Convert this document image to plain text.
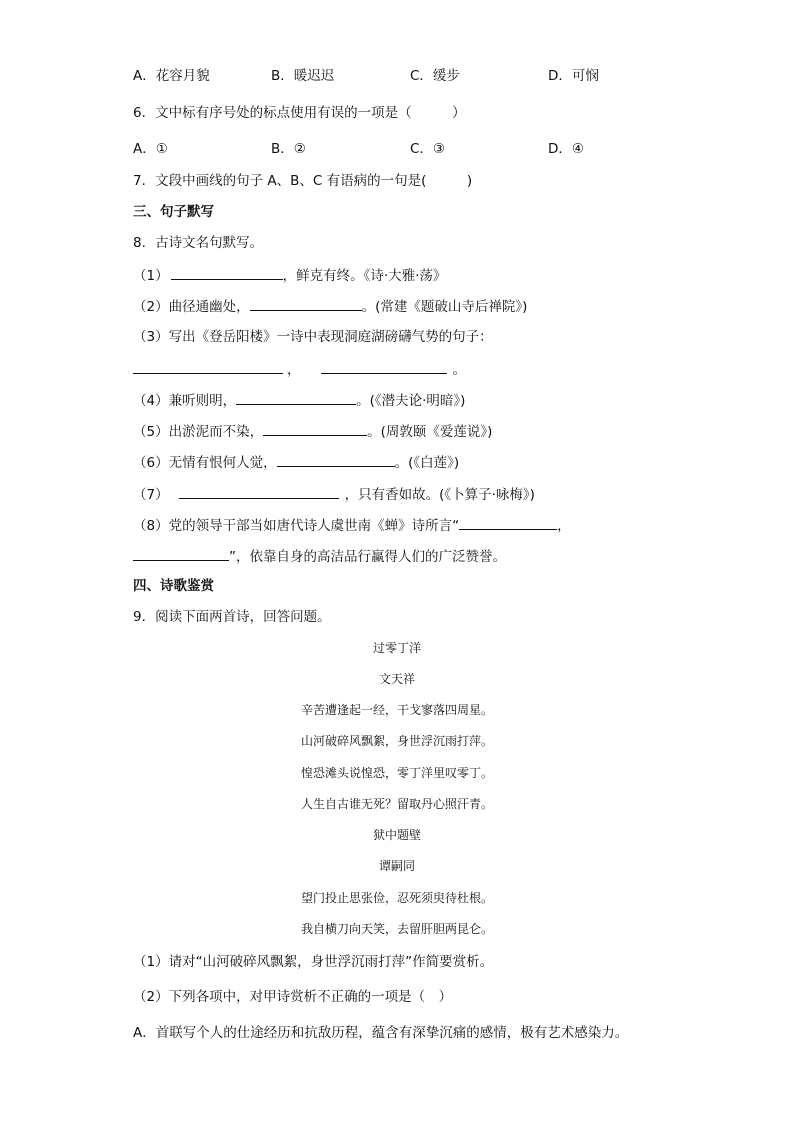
A．花容月貌	B．暖迟迟	C．缓步	D．可悯
6．文中标有序号处的标点使用有误的一项是（　　　）
A．①	B．②	C．③	D．④
7．文段中画线的句子 A、B、C 有语病的一句是(　　　)
三、句子默写
8．古诗文名句默写。
（1）	，鲜克有终。《诗·大雅·荡》
（2）曲径通幽处，	。(常建《题破山寺后禅院》)
（3）写出《登岳阳楼》一诗中表现洞庭湖磅礴气势的句子：
，	。
（4）兼听则明，	。(《潜夫论·明暗》)
（5）出淤泥而不染，	。(周敦颐《爱莲说》)
（6）无情有恨何人觉，	。(《白莲》)
（7）	，只有香如故。(《卜算子·咏梅》)
（8）党的领导干部当如唐代诗人虞世南《蝉》诗所言“	，
”，依靠自身的高洁品行赢得人们的广泛赞誉。
四、诗歌鉴赏
9．阅读下面两首诗，回答问题。
过零丁洋
文天祥
辛苦遭逢起一经，干戈寥落四周星。
山河破碎风飘絮，身世浮沉雨打萍。
惶恐滩头说惶恐，零丁洋里叹零丁。
人生自古谁无死？留取丹心照汗青。
狱中题壁
谭嗣同
望门投止思张俭，忍死须臾待杜根。
我自横刀向天笑，去留肝胆两昆仑。
（1）请对“山河破碎风飘絮，身世浮沉雨打萍”作简要赏析。
（2）下列各项中，对甲诗赏析不正确的一项是（　）
A．首联写个人的仕途经历和抗敌历程，蕴含有深挚沉痛的感情，极有艺术感染力。
